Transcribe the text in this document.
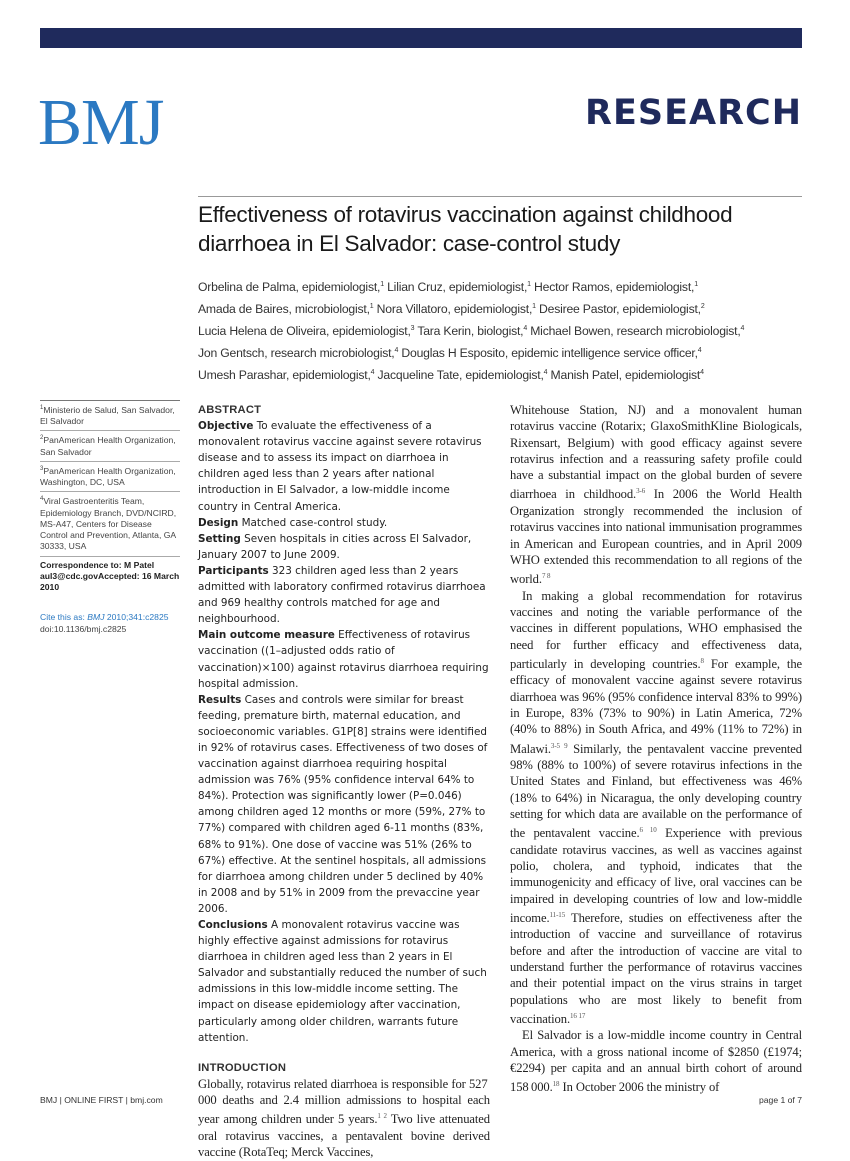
BMJ	RESEARCH
Effectiveness of rotavirus vaccination against childhood diarrhoea in El Salvador: case-control study

Orbelina de Palma, epidemiologist,$^1$ Lilian Cruz, epidemiologist,$^1$ Hector Ramos, epidemiologist,$^1$
Amada de Baires, microbiologist,$^1$ Nora Villatoro, epidemiologist,$^1$ Desiree Pastor, epidemiologist,$^2$
Lucia Helena de Oliveira, epidemiologist,$^3$ Tara Kerin, biologist,$^4$ Michael Bowen, research microbiologist,$^4$
Jon Gentsch, research microbiologist,$^4$ Douglas H Esposito, epidemic intelligence service officer,$^4$
Umesh Parashar, epidemiologist,$^4$ Jacqueline Tate, epidemiologist,$^4$ Manish Patel, epidemiologist$^4$

$^1$Ministerio de Salud, San Salvador, El Salvador
$^2$PanAmerican Health Organization, San Salvador
$^3$PanAmerican Health Organization, Washington, DC, USA
$^4$Viral Gastroenteritis Team, Epidemiology Branch, DVD/NCIRD, MS-A47, Centers for Disease Control and Prevention, Atlanta, GA 30333, USA
Correspondence to: M Patel
aul3@cdc.govAccepted: 16 March 2010
Cite this as: BMJ 2010;341:c2825
doi:10.1136/bmj.c2825

ABSTRACT

Objective To evaluate the effectiveness of a monovalent rotavirus vaccine against severe rotavirus disease and to assess its impact on diarrhoea in children aged less than 2 years after national introduction in El Salvador, a low-middle income country in Central America.

Design Matched case-control study.

Setting Seven hospitals in cities across El Salvador, January 2007 to June 2009.

Participants 323 children aged less than 2 years admitted with laboratory confirmed rotavirus diarrhoea and 969 healthy controls matched for age and neighbourhood.

Main outcome measure Effectiveness of rotavirus vaccination ((1–adjusted odds ratio of vaccination)×100) against rotavirus diarrhoea requiring hospital admission.

Results Cases and controls were similar for breast feeding, premature birth, maternal education, and socioeconomic variables. G1P[8] strains were identified in 92% of rotavirus cases. Effectiveness of two doses of vaccination against diarrhoea requiring hospital admission was 76% (95% confidence interval 64% to 84%). Protection was significantly lower (P=0.046) among children aged 12 months or more (59%, 27% to 77%) compared with children aged 6-11 months (83%, 68% to 91%). One dose of vaccine was 51% (26% to 67%) effective. At the sentinel hospitals, all admissions for diarrhoea among children under 5 declined by 40% in 2008 and by 51% in 2009 from the prevaccine year 2006.

Conclusions A monovalent rotavirus vaccine was highly effective against admissions for rotavirus diarrhoea in children aged less than 2 years in El Salvador and substantially reduced the number of such admissions in this low-middle income setting. The impact on disease epidemiology after vaccination, particularly among older children, warrants future attention.

INTRODUCTION

Globally, rotavirus related diarrhoea is responsible for 527 000 deaths and 2.4 million admissions to hospital each year among children under 5 years.$^{1 2}$ Two live attenuated oral rotavirus vaccines, a pentavalent bovine derived vaccine (RotaTeq; Merck Vaccines,

Whitehouse Station, NJ) and a monovalent human rotavirus vaccine (Rotarix; GlaxoSmithKline Biologicals, Rixensart, Belgium) with good efficacy against severe rotavirus infection and a reassuring safety profile could have a substantial impact on the global burden of severe diarrhoea in childhood.$^{3-6}$ In 2006 the World Health Organization strongly recommended the inclusion of rotavirus vaccines into national immunisation programmes in American and European countries, and in April 2009 WHO extended this recommendation to all regions of the world.$^{7 8}$

In making a global recommendation for rotavirus vaccines and noting the variable performance of the vaccines in different populations, WHO emphasised the need for further efficacy and effectiveness data, particularly in developing countries.$^8$ For example, the efficacy of monovalent vaccine against severe rotavirus diarrhoea was 96% (95% confidence interval 83% to 99%) in Europe, 83% (73% to 90%) in Latin America, 72% (40% to 88%) in South Africa, and 49% (11% to 72%) in Malawi.$^{3-5 9}$ Similarly, the pentavalent vaccine prevented 98% (88% to 100%) of severe rotavirus infections in the United States and Finland, but effectiveness was 46% (18% to 64%) in Nicaragua, the only developing country setting for which data are available on the performance of the pentavalent vaccine.$^{6 10}$ Experience with previous candidate rotavirus vaccines, as well as vaccines against polio, cholera, and typhoid, indicates that the immunogenicity and efficacy of live, oral vaccines can be impaired in developing countries of low and low-middle income.$^{11-15}$ Therefore, studies on effectiveness after the introduction of vaccine and surveillance of rotavirus before and after the introduction of vaccine are vital to understand further the performance of rotavirus vaccines and their potential impact on the virus strains in target populations who are most likely to benefit from vaccination.$^{16 17}$

El Salvador is a low-middle income country in Central America, with a gross national income of $2850 (£1974; €2294) per capita and an annual birth cohort of around 158 000.18 In October 2006 the ministry of

BMJ | ONLINE FIRST | bmj.com	page 1 of 7
